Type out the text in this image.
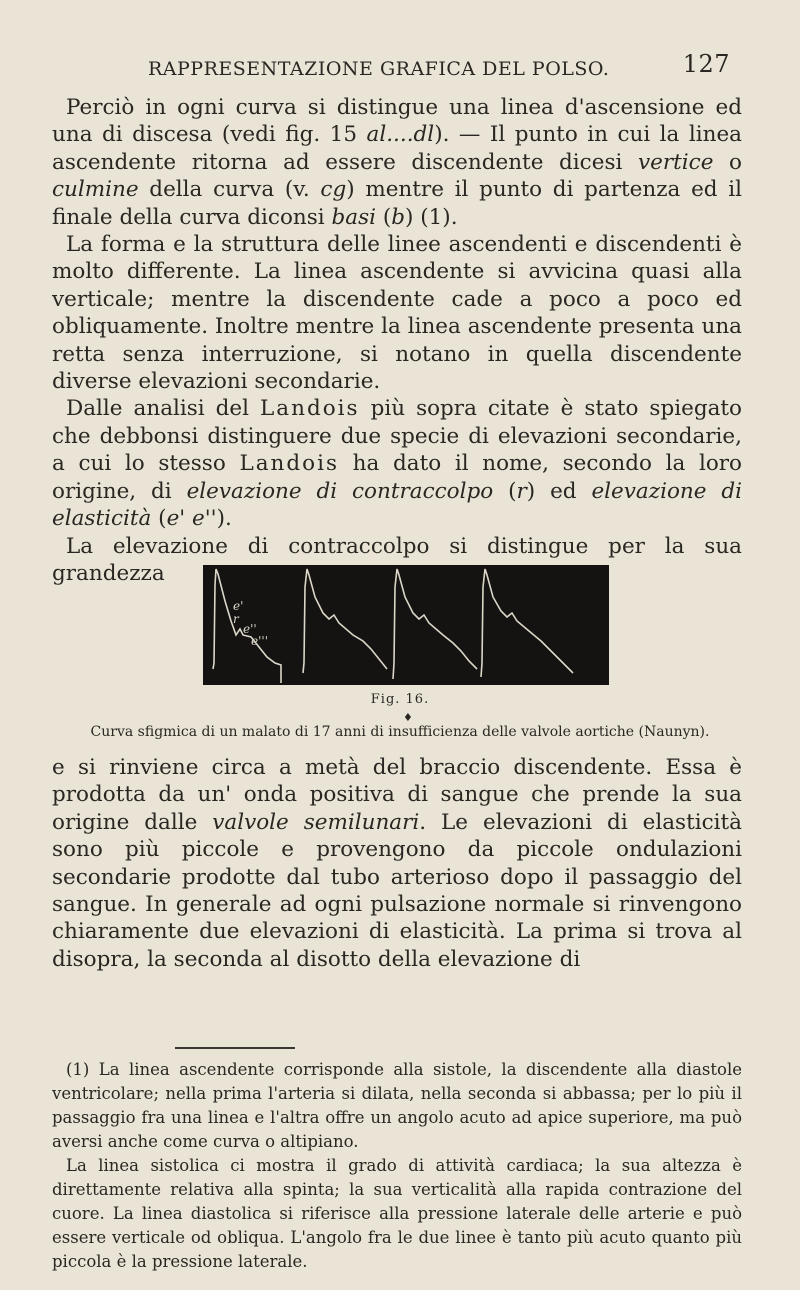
RAPPRESENTAZIONE GRAFICA DEL POLSO.	127

Perciò in ogni curva si distingue una linea d'ascensione ed una di discesa (vedi fig. 15 al....dl). — Il punto in cui la linea ascendente ritorna ad essere discendente dicesi vertice o culmine della curva (v. cg) mentre il punto di partenza ed il finale della curva diconsi basi (b) (1).

La forma e la struttura delle linee ascendenti e discendenti è molto differente. La linea ascendente si avvicina quasi alla verticale; mentre la discendente cade a poco a poco ed obliquamente. Inoltre mentre la linea ascendente presenta una retta senza interruzione, si notano in quella discendente diverse elevazioni secondarie.

Dalle analisi del Landois più sopra citate è stato spiegato che debbonsi distinguere due specie di elevazioni secondarie, a cui lo stesso Landois ha dato il nome, secondo la loro origine, di elevazione di contraccolpo (r) ed elevazione di elasticità (e' e'').

La elevazione di contraccolpo si distingue per la sua grandezza

e'
r
e''
e'''
Fig. 16.
♦
Curva sfigmica di un malato di 17 anni di insufficienza delle valvole aortiche (Naunyn).

e si rinviene circa a metà del braccio discendente. Essa è prodotta da un' onda positiva di sangue che prende la sua origine dalle valvole semilunari. Le elevazioni di elasticità sono più piccole e provengono da piccole ondulazioni secondarie prodotte dal tubo arterioso dopo il passaggio del sangue. In generale ad ogni pulsazione normale si rinvengono chiaramente due elevazioni di elasticità. La prima si trova al disopra, la seconda al disotto della elevazione di

(1) La linea ascendente corrisponde alla sistole, la discendente alla diastole ventricolare; nella prima l'arteria si dilata, nella seconda si abbassa; per lo più il passaggio fra una linea e l'altra offre un angolo acuto ad apice superiore, ma può aversi anche come curva o altipiano.

La linea sistolica ci mostra il grado di attività cardiaca; la sua altezza è direttamente relativa alla spinta; la sua verticalità alla rapida contrazione del cuore. La linea diastolica si riferisce alla pressione laterale delle arterie e può essere verticale od obliqua. L'angolo fra le due linee è tanto più acuto quanto più piccola è la pressione laterale.
